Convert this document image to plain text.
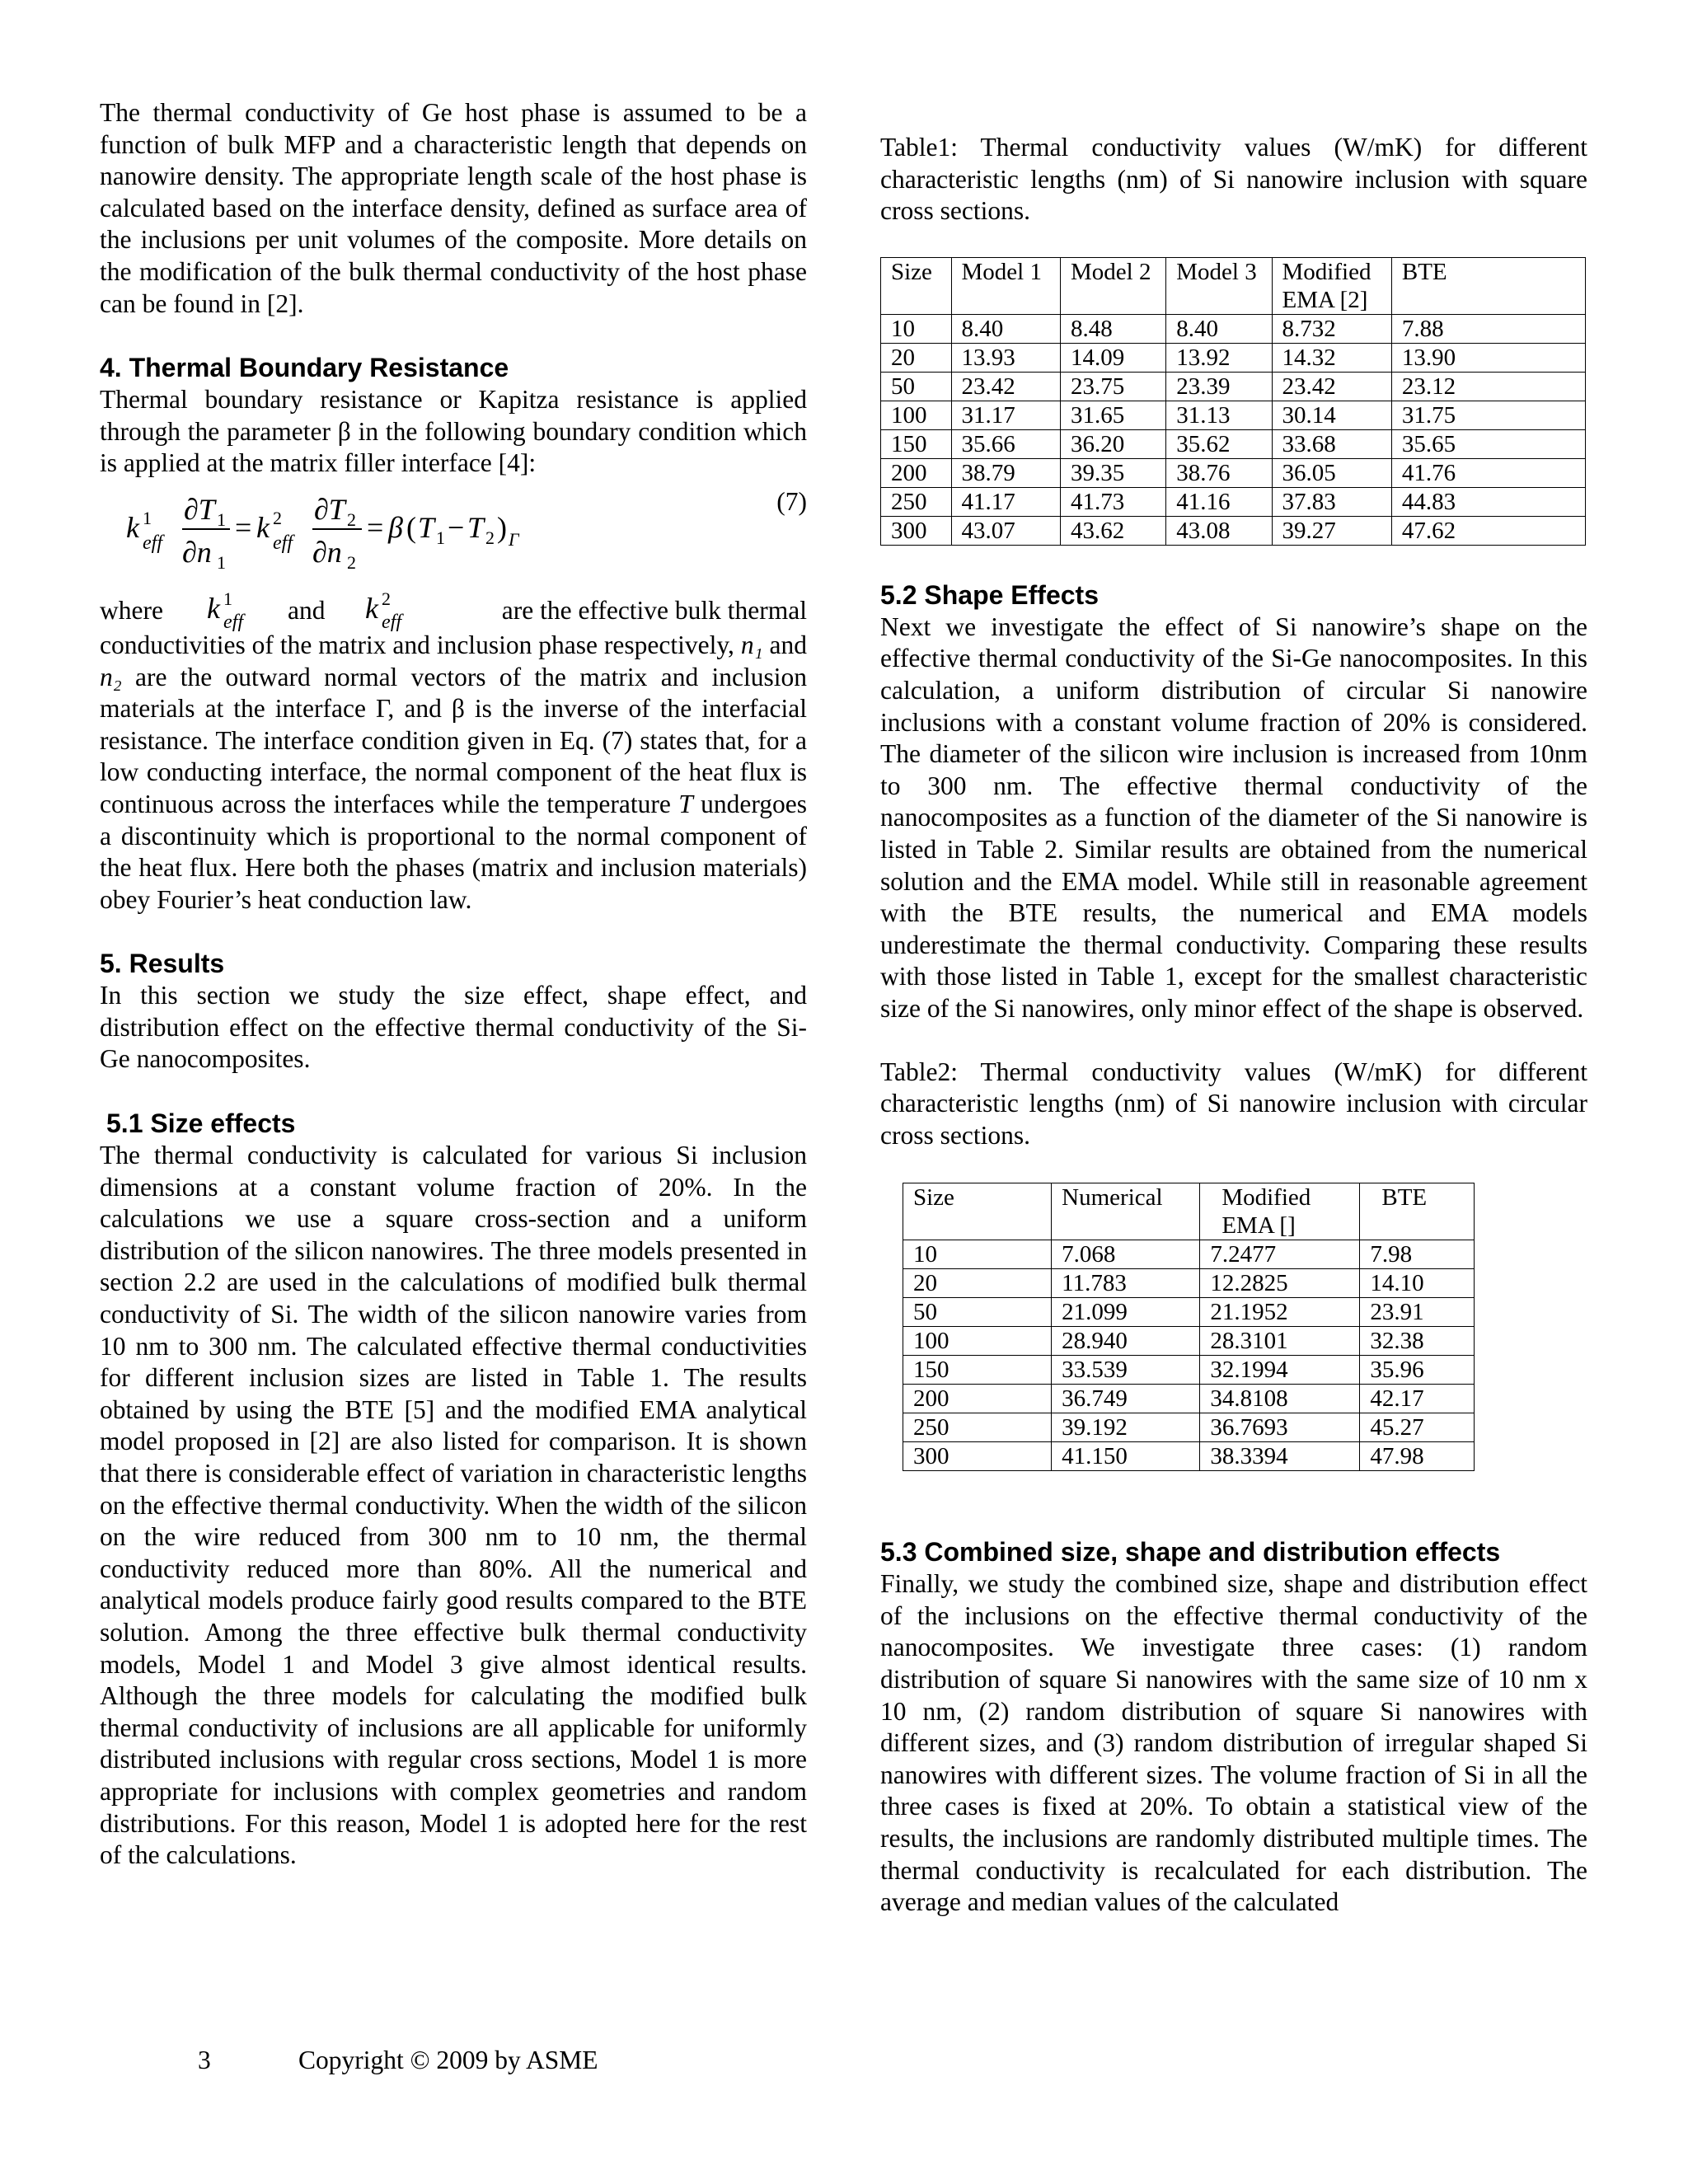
The thermal conductivity of Ge host phase is assumed to be a function of bulk MFP and a characteristic length that depends on nanowire density. The appropriate length scale of the host phase is calculated based on the interface density, defined as surface area of the inclusions per unit volumes of the composite. More details on the modification of the bulk thermal conductivity of the host phase can be found in [2].

4. Thermal Boundary Resistance

Thermal boundary resistance or Kapitza resistance is applied through the parameter β in the following boundary condition which is applied at the matrix filler interface [4]:

k 1
eff
∂T 1
∂n 1
= k 2
eff
∂T 2
∂n 2
= β ( T 1 − T 2 ) Γ
(7)
where k 1
eff and k 2
eff	are the effective bulk thermal

conductivities of the matrix and inclusion phase respectively, n₁ and n₂ are the outward normal vectors of the matrix and inclusion materials at the interface Γ, and β is the inverse of the interfacial resistance. The interface condition given in Eq. (7) states that, for a low conducting interface, the normal component of the heat flux is continuous across the interfaces while the temperature T undergoes a discontinuity which is proportional to the normal component of the heat flux. Here both the phases (matrix and inclusion materials) obey Fourier’s heat conduction law.

5. Results

In this section we study the size effect, shape effect, and distribution effect on the effective thermal conductivity of the Si-Ge nanocomposites.

5.1 Size effects

The thermal conductivity is calculated for various Si inclusion dimensions at a constant volume fraction of 20%. In the calculations we use a square cross-section and a uniform distribution of the silicon nanowires. The three models presented in section 2.2 are used in the calculations of modified bulk thermal conductivity of Si. The width of the silicon nanowire varies from 10 nm to 300 nm. The calculated effective thermal conductivities for different inclusion sizes are listed in Table 1. The results obtained by using the BTE [5] and the modified EMA analytical model proposed in [2] are also listed for comparison. It is shown that there is considerable effect of variation in characteristic lengths on the effective thermal conductivity. When the width of the silicon on the wire reduced from 300 nm to 10 nm, the thermal conductivity reduced more than 80%. All the numerical and analytical models produce fairly good results compared to the BTE solution. Among the three effective bulk thermal conductivity models, Model 1 and Model 3 give almost identical results. Although the three models for calculating the modified bulk thermal conductivity of inclusions are all applicable for uniformly distributed inclusions with regular cross sections, Model 1 is more appropriate for inclusions with complex geometries and random distributions. For this reason, Model 1 is adopted here for the rest of the calculations.

Table1: Thermal conductivity values (W/mK) for different characteristic lengths (nm) of Si nanowire inclusion with square cross sections.

Size	Model 1	Model 2	Model 3	Modified EMA [2]	BTE
10	8.40	8.48	8.40	8.732	7.88
20	13.93	14.09	13.92	14.32	13.90
50	23.42	23.75	23.39	23.42	23.12
100	31.17	31.65	31.13	30.14	31.75
150	35.66	36.20	35.62	33.68	35.65
200	38.79	39.35	38.76	36.05	41.76
250	41.17	41.73	41.16	37.83	44.83
300	43.07	43.62	43.08	39.27	47.62
5.2 Shape Effects

Next we investigate the effect of Si nanowire’s shape on the effective thermal conductivity of the Si-Ge nanocomposites. In this calculation, a uniform distribution of circular Si nanowire inclusions with a constant volume fraction of 20% is considered. The diameter of the silicon wire inclusion is increased from 10nm to 300 nm. The effective thermal conductivity of the nanocomposites as a function of the diameter of the Si nanowire is listed in Table 2. Similar results are obtained from the numerical solution and the EMA model. While still in reasonable agreement with the BTE results, the numerical and EMA models underestimate the thermal conductivity. Comparing these results with those listed in Table 1, except for the smallest characteristic size of the Si nanowires, only minor effect of the shape is observed.

Table2: Thermal conductivity values (W/mK) for different characteristic lengths (nm) of Si nanowire inclusion with circular cross sections.

Size	Numerical	Modified EMA []	BTE
10	7.068	7.2477	7.98
20	11.783	12.2825	14.10
50	21.099	21.1952	23.91
100	28.940	28.3101	32.38
150	33.539	32.1994	35.96
200	36.749	34.8108	42.17
250	39.192	36.7693	45.27
300	41.150	38.3394	47.98
5.3 Combined size, shape and distribution effects

Finally, we study the combined size, shape and distribution effect of the inclusions on the effective thermal conductivity of the nanocomposites. We investigate three cases: (1) random distribution of square Si nanowires with the same size of 10 nm x 10 nm, (2) random distribution of square Si nanowires with different sizes, and (3) random distribution of irregular shaped Si nanowires with different sizes. The volume fraction of Si in all the three cases is fixed at 20%. To obtain a statistical view of the results, the inclusions are randomly distributed multiple times. The thermal conductivity is recalculated for each distribution. The average and median values of the calculated

3	Copyright © 2009 by ASME
